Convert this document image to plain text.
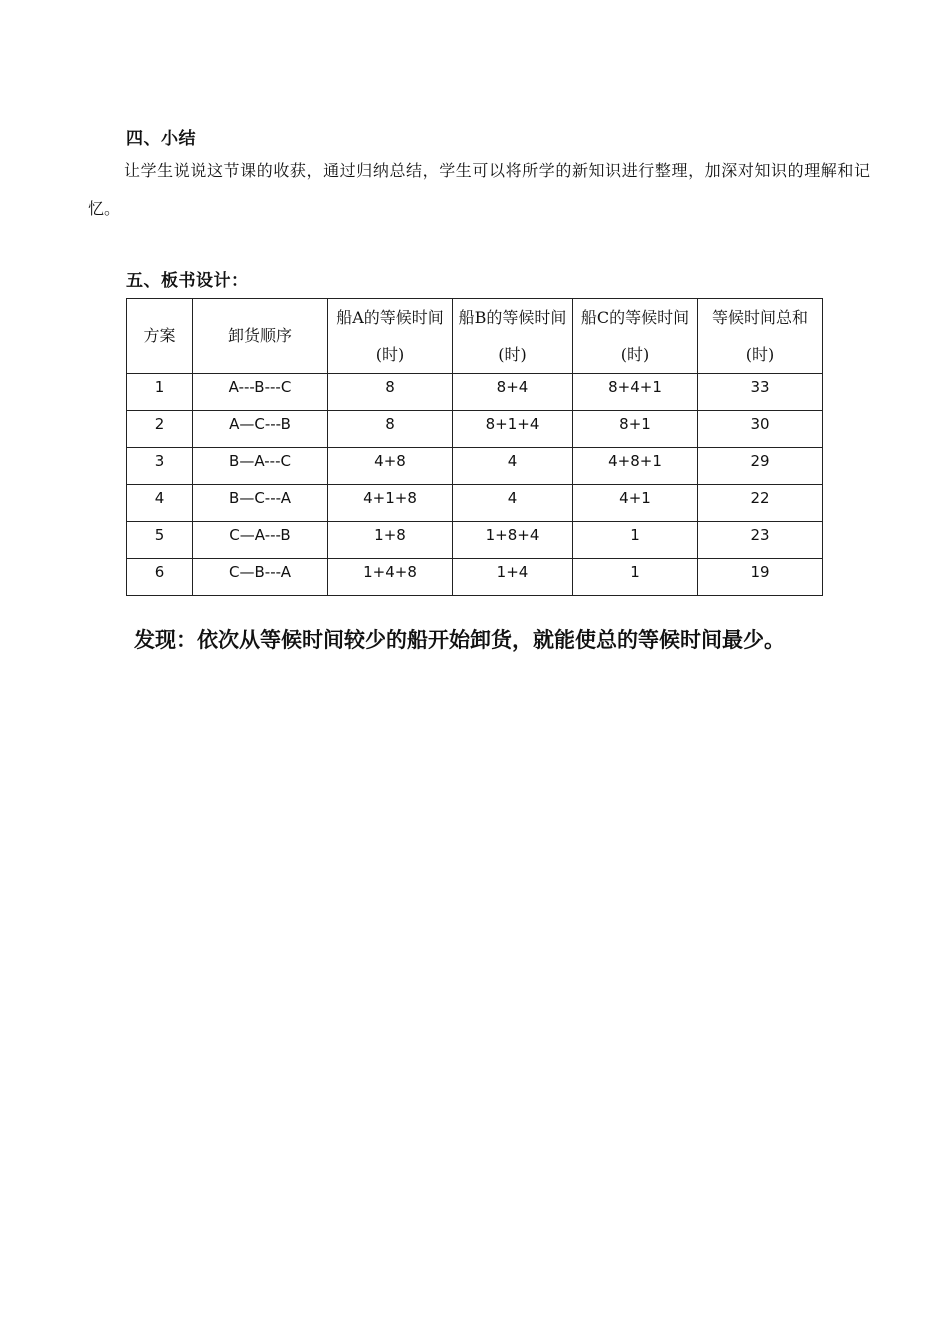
四、小结

让学生说说这节课的收获，通过归纳总结，学生可以将所学的新知识进行整理，加深对知识的理解和记忆。

五、板书设计：
方案	卸货顺序	船A的等候时间(时)	船B的等候时间(时)	船C的等候时间(时)	等候时间总和(时)
1	A---B---C	8	8+4	8+4+1	33
2	A—C---B	8	8+1+4	8+1	30
3	B—A---C	4+8	4	4+8+1	29
4	B—C---A	4+1+8	4	4+1	22
5	C—A---B	1+8	1+8+4	1	23
6	C—B---A	1+4+8	1+4	1	19
发现：依次从等候时间较少的船开始卸货，就能使总的等候时间最少。
